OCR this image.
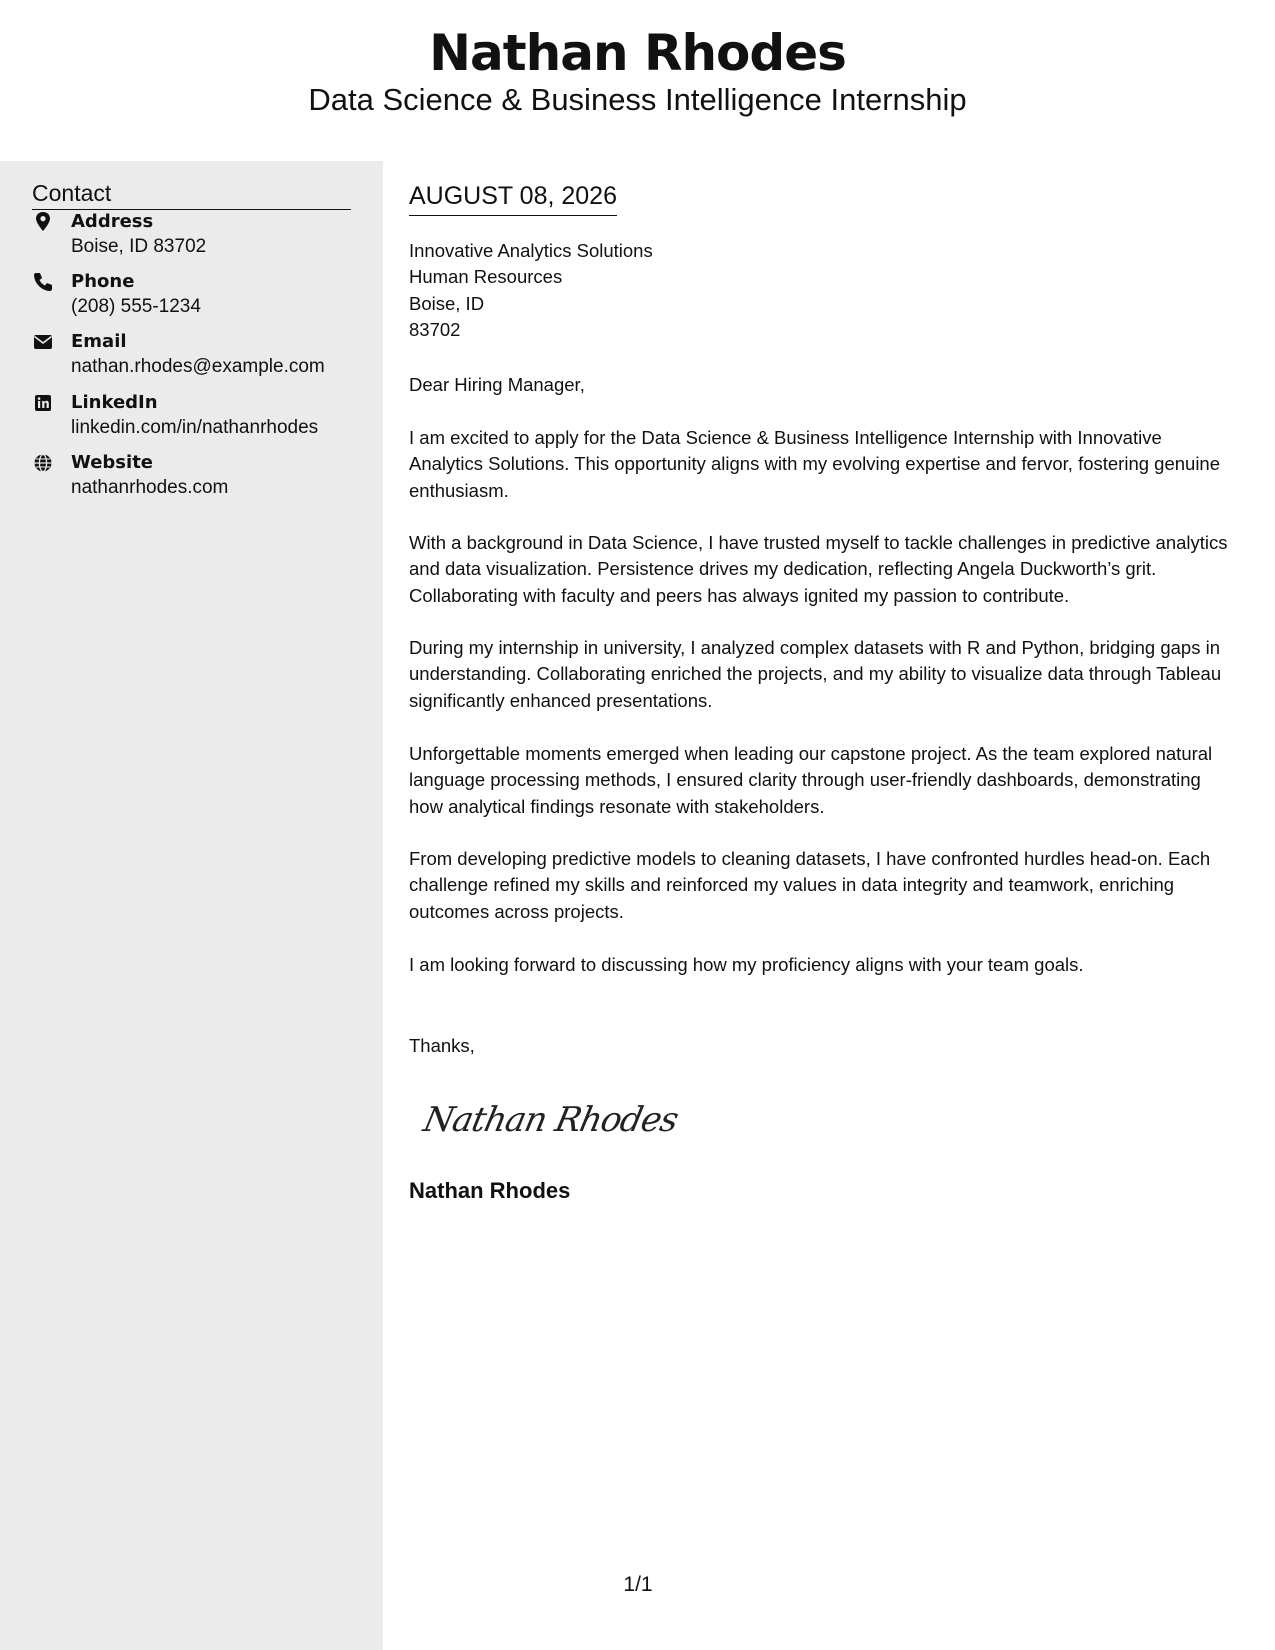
Nathan Rhodes
Data Science & Business Intelligence Internship
Contact
Address
Boise, ID 83702
Phone
(208) 555-1234
Email
nathan.rhodes@example.com
LinkedIn
linkedin.com/in/nathanrhodes
Website
nathanrhodes.com
AUGUST 08, 2026
Innovative Analytics Solutions
Human Resources
Boise, ID
83702
Dear Hiring Manager,

I am excited to apply for the Data Science & Business Intelligence Internship with Innovative Analytics Solutions. This opportunity aligns with my evolving expertise and fervor, fostering genuine enthusiasm.

With a background in Data Science, I have trusted myself to tackle challenges in predictive analytics and data visualization. Persistence drives my dedication, reflecting Angela Duckworth’s grit. Collaborating with faculty and peers has always ignited my passion to contribute.

During my internship in university, I analyzed complex datasets with R and Python, bridging gaps in understanding. Collaborating enriched the projects, and my ability to visualize data through Tableau significantly enhanced presentations.

Unforgettable moments emerged when leading our capstone project. As the team explored natural language processing methods, I ensured clarity through user-friendly dashboards, demonstrating how analytical findings resonate with stakeholders.

From developing predictive models to cleaning datasets, I have confronted hurdles head-on. Each challenge refined my skills and reinforced my values in data integrity and teamwork, enriching outcomes across projects.

I am looking forward to discussing how my proficiency aligns with your team goals.

Thanks,
Nathan Rhodes
Nathan Rhodes
1/1
